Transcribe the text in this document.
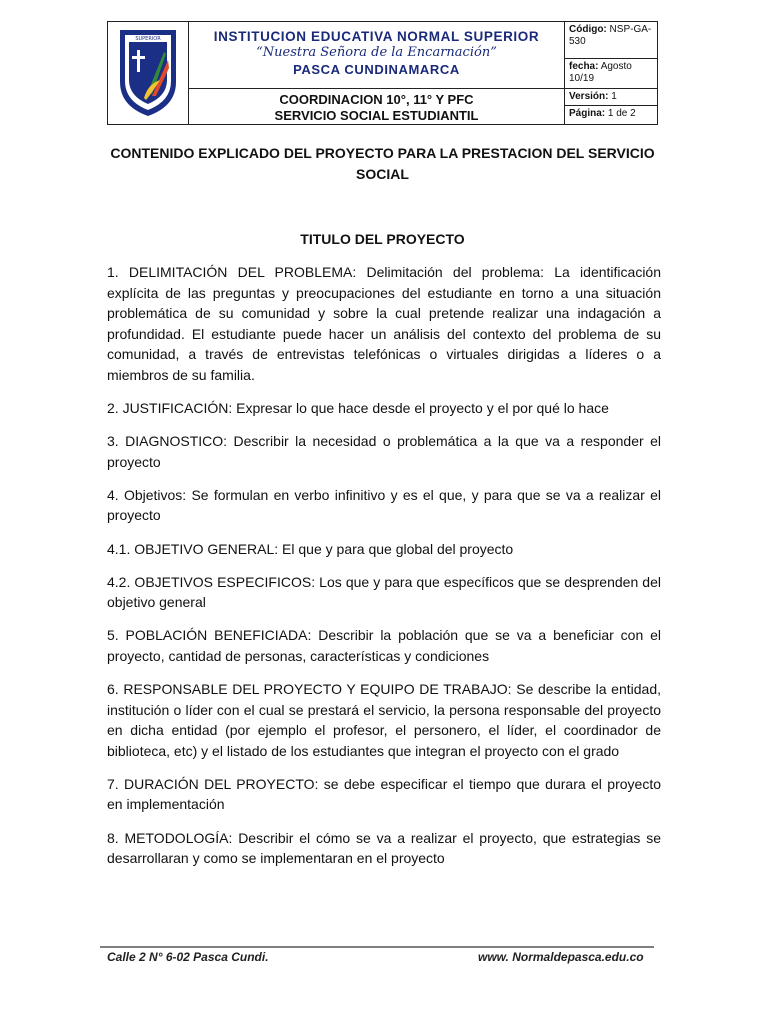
SUPERIOR	INSTITUCION EDUCATIVA NORMAL SUPERIOR
“Nuestra Señora de la Encarnación”
PASCA CUNDINAMARCA
COORDINACION 10°, 11° Y PFC
SERVICIO SOCIAL ESTUDIANTIL
Código: NSP-GA-530
fecha: Agosto 10/19
Versión: 1
Página: 1 de 2
CONTENIDO EXPLICADO DEL PROYECTO PARA LA PRESTACION DEL SERVICIO SOCIAL
TITULO DEL PROYECTO

1. DELIMITACIÓN DEL PROBLEMA: Delimitación del problema: La identificación explícita de las preguntas y preocupaciones del estudiante en torno a una situación problemática de su comunidad y sobre la cual pretende realizar una indagación a profundidad. El estudiante puede hacer un análisis del contexto del problema de su comunidad, a través de entrevistas telefónicas o virtuales dirigidas a líderes o a miembros de su familia.

2. JUSTIFICACIÓN: Expresar lo que hace desde el proyecto y el por qué lo hace

3. DIAGNOSTICO: Describir la necesidad o problemática a la que va a responder el proyecto

4. Objetivos: Se formulan en verbo infinitivo y es el que, y para que se va a realizar el proyecto

4.1. OBJETIVO GENERAL: El que y para que global del proyecto

4.2. OBJETIVOS ESPECIFICOS: Los que y para que específicos que se desprenden del objetivo general

5. POBLACIÓN BENEFICIADA: Describir la población que se va a beneficiar con el proyecto, cantidad de personas, características y condiciones

6. RESPONSABLE DEL PROYECTO Y EQUIPO DE TRABAJO: Se describe la entidad, institución o líder con el cual se prestará el servicio, la persona responsable del proyecto en dicha entidad (por ejemplo el profesor, el personero, el líder, el coordinador de biblioteca, etc) y el listado de los estudiantes que integran el proyecto con el grado

7. DURACIÓN DEL PROYECTO: se debe especificar el tiempo que durara el proyecto en implementación

8. METODOLOGÍA: Describir el cómo se va a realizar el proyecto, que estrategias se desarrollaran y como se implementaran en el proyecto

Calle 2 N° 6-02 Pasca Cundi.	www. Normaldepasca.edu.co
